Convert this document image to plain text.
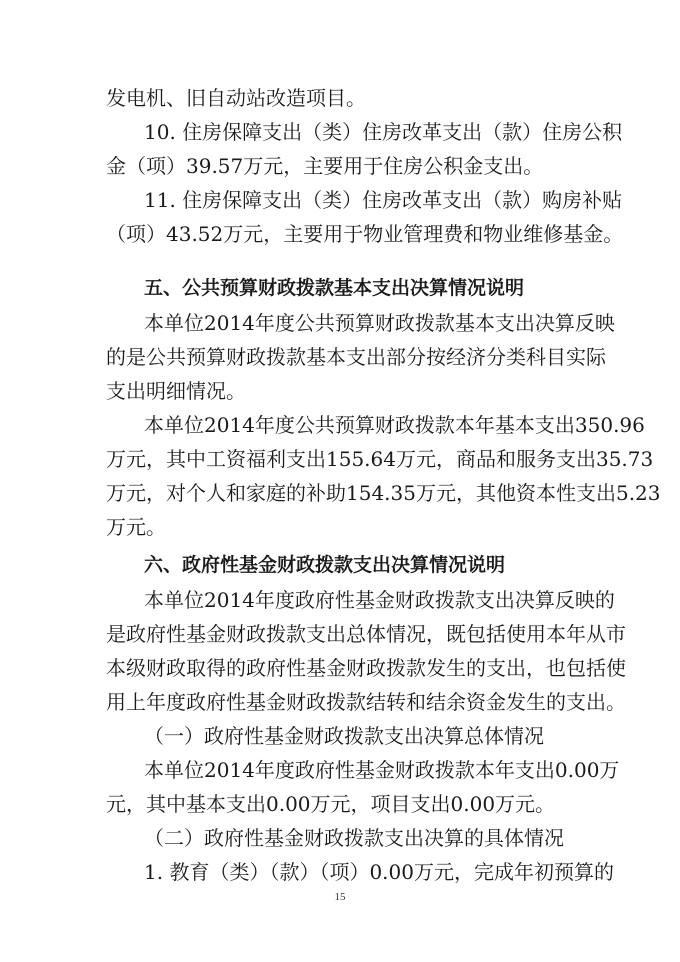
发电机、旧自动站改造项目。
10. 住房保障支出（类）住房改革支出（款）住房公积
金（项）39.57万元，主要用于住房公积金支出。
11. 住房保障支出（类）住房改革支出（款）购房补贴
（项）43.52万元，主要用于物业管理费和物业维修基金。
五、公共预算财政拨款基本支出决算情况说明
本单位2014年度公共预算财政拨款基本支出决算反映
的是公共预算财政拨款基本支出部分按经济分类科目实际
支出明细情况。
本单位2014年度公共预算财政拨款本年基本支出350.96
万元，其中工资福利支出155.64万元，商品和服务支出35.73
万元，对个人和家庭的补助154.35万元，其他资本性支出5.23
万元。
六、政府性基金财政拨款支出决算情况说明
本单位2014年度政府性基金财政拨款支出决算反映的
是政府性基金财政拨款支出总体情况，既包括使用本年从市
本级财政取得的政府性基金财政拨款发生的支出，也包括使
用上年度政府性基金财政拨款结转和结余资金发生的支出。
（一）政府性基金财政拨款支出决算总体情况
本单位2014年度政府性基金财政拨款本年支出0.00万
15
元，其中基本支出0.00万元，项目支出0.00万元。
（二）政府性基金财政拨款支出决算的具体情况
1. 教育（类）（款）（项）0.00万元，完成年初预算的
